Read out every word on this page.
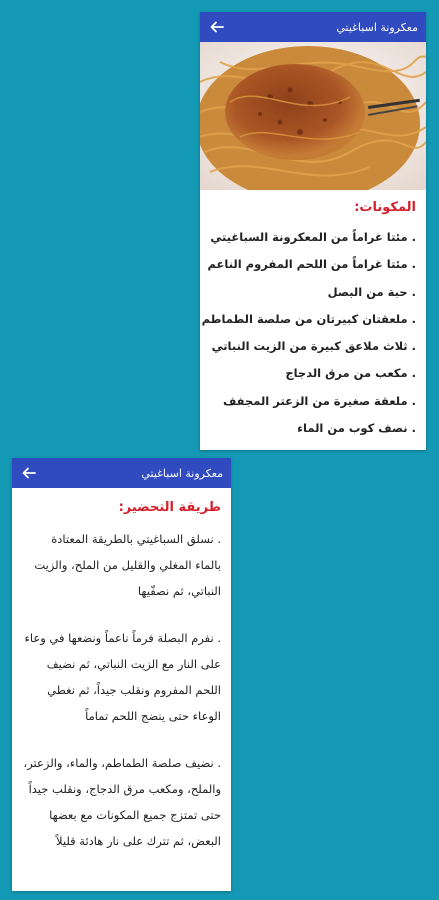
معكرونة اسباغيتي
المكونات:
. مئتا غراماً من المعكرونة السباغيتي
. مئتا غراماً من اللحم المفروم الناعم
. حبة من البصل
. ملعقتان كبيرتان من صلصة الطماطم
. ثلاث ملاعق كبيرة من الزيت النباتي
. مكعب من مرق الدجاج
. ملعقة صغيرة من الزعتر المجفف
. نصف كوب من الماء
معكرونة اسباغيتي
طريقة التحضير:

. نسلق السباغيتي بالطريقة المعتادة بالماء المغلي والقليل من الملح، والزيت النباتي، ثم نصفّيها

. نفرم البصلة فرماً ناعماً ونضعها في وعاء على النار مع الزيت النباتي، ثم نضيف اللحم المفروم ونقلب جيداً، ثم نغطي الوعاء حتى ينضج اللحم تماماً

. نضيف صلصة الطماطم، والماء، والزعتر، والملح، ومكعب مرق الدجاج، ونقلب جيداً حتى تمتزج جميع المكونات مع بعضها البعض، ثم تترك على نار هادئة قليلاً
